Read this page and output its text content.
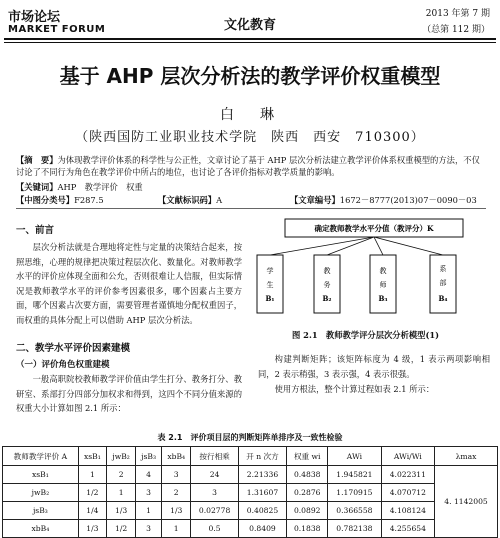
市场论坛
MARKET FORUM	文化教育
2013 年第 7 期
（总第 112 期）
基于 AHP 层次分析法的教学评价权重模型
白　琳
（陕西国防工业职业技术学院　陕西　西安　710300）
【摘　要】为体现教学评价体系的科学性与公正性，文章讨论了基于 AHP 层次分析法建立教学评价体系权重模型的方法，不仅讨论了不同行为角色在教学评价中所占的地位，也讨论了各评价指标对教学质量的影响。
【关键词】AHP　教学评价　权重
【中图分类号】F287.5	【文献标识码】A	【文章编号】1672－8777(2013)07－0090－03
一、前言
层次分析法就是合理地将定性与定量的决策结合起来，按照思维，心理的规律把决策过程层次化、数量化。对教师教学水平的评价应体现全面和公允，否则很难让人信服，但实际情况是教师教学水平的评价参考因素很多，哪个因素占主要方面，哪个因素占次要方面，需要管理者谨慎地分配权重因子，而权重的具体分配上可以借助 AHP 层次分析法。
二、教学水平评价因素建模
（一）评价角色权重建模
一般高职院校教师教学评价值由学生打分、教务打分、教研室、系部打分四部分加权求和得到，这四个不同分值来源的权重大小计算如图 2.1 所示：
确定教师教学水平分值（教评分）K
学
生
B₁
教
务
B₂
教
师
B₃
系
部
B₄
图 2.1　教师教学评分层次分析模型(1)
构建判断矩阵；该矩阵标度为 4 级，1 表示两项影响相同，2 表示稍强，3 表示强，4 表示很强。
使用方根法，整个计算过程如表 2.1 所示：
表 2.1　评价项目层的判断矩阵单排序及一致性检验
教师教学评价 A	xsB₁	jwB₂	jsB₃	xbB₄	按行相乘	开 n 次方	权重 wi	AWi	AWi/Wi	λmax
xsB₁	1	2	4	3	24	2.21336	0.4838	1.945821	4.022311	4. 1142005
jwB₂	1/2	1	3	2	3	1.31607	0.2876	1.170915	4.070712	
jsB₃	1/4	1/3	1	1/3	0.02778	0.40825	0.0892	0.366558	4.108124	
xbB₄	1/3	1/2	3	1	0.5	0.8409	0.1838	0.782138	4.255654	
